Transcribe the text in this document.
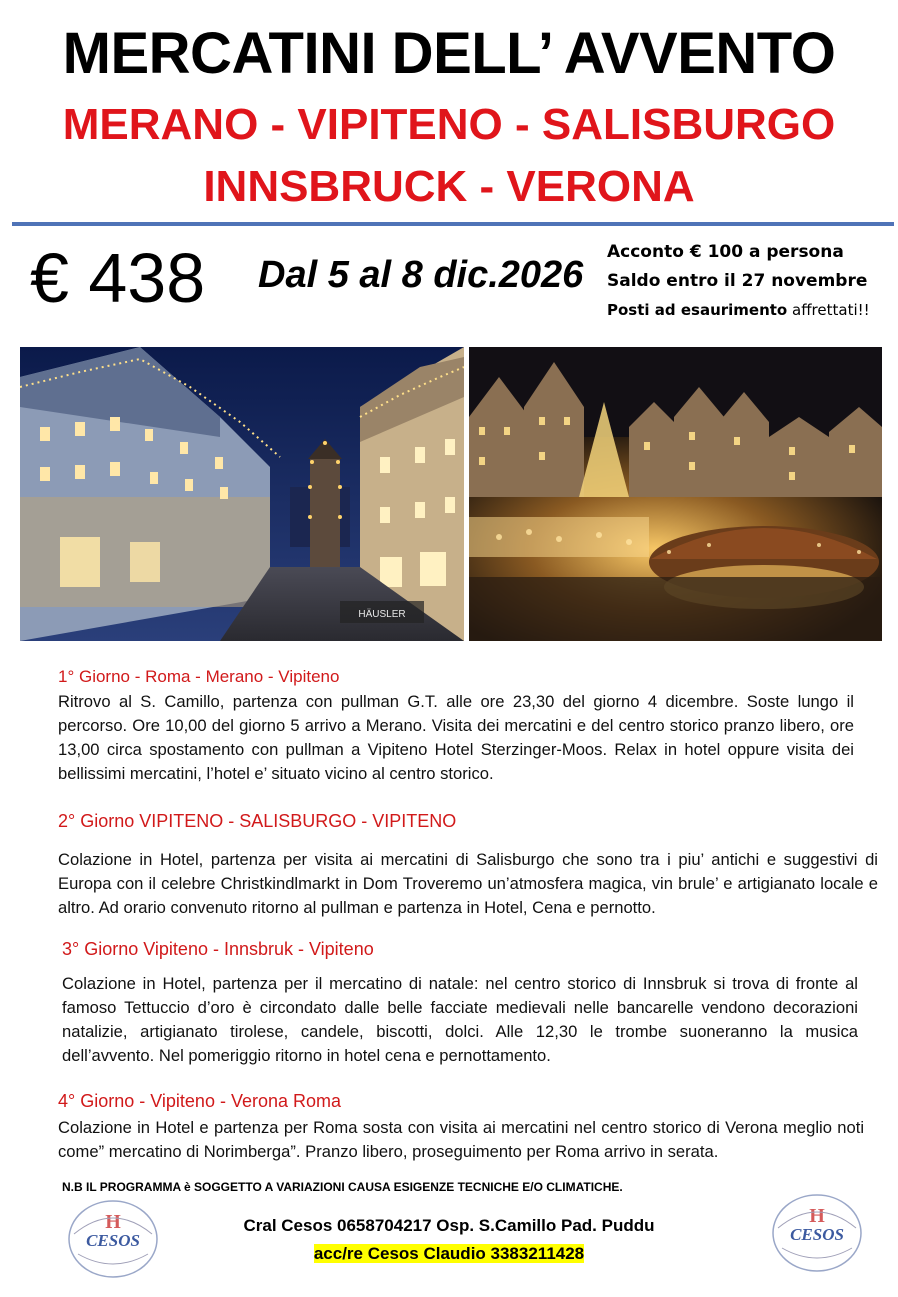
MERCATINI DELL’ AVVENTO
MERANO - VIPITENO - SALISBURGO
INNSBRUCK - VERONA
€ 438 Dal 5 al 8 dic.2026
Acconto € 100 a persona
Saldo entro il 27 novembre
Posti ad esaurimento affrettati!!
HÄUSLER
1° Giorno - Roma - Merano - Vipiteno
Ritrovo al S. Camillo, partenza con pullman G.T. alle ore 23,30 del giorno 4 dicembre. Soste lungo il percorso. Ore 10,00 del giorno 5 arrivo a Merano. Visita dei mercatini e del centro storico pranzo libero, ore 13,00 circa spostamento con pullman a Vipiteno Hotel Sterzinger-Moos. Relax in hotel oppure visita dei bellissimi mercatini, l’hotel e’ situato vicino al centro storico.
2° Giorno VIPITENO - SALISBURGO - VIPITENO
Colazione in Hotel, partenza per visita ai mercatini di Salisburgo che sono tra i piu’ antichi e suggestivi di Europa con il celebre Christkindlmarkt in Dom Troveremo un’atmosfera magica, vin brule’ e artigianato locale e altro. Ad orario convenuto ritorno al pullman e partenza in Hotel, Cena e pernotto.
3° Giorno Vipiteno - Innsbruk - Vipiteno
Colazione in Hotel, partenza per il mercatino di natale: nel centro storico di Innsbruk si trova di fronte al famoso Tettuccio d’oro è circondato dalle belle facciate medievali nelle bancarelle vendono decorazioni natalizie, artigianato tirolese, candele, biscotti, dolci. Alle 12,30 le trombe suoneranno la musica dell’avvento. Nel pomeriggio ritorno in hotel cena e pernottamento.
4° Giorno - Vipiteno - Verona Roma
Colazione in Hotel e partenza per Roma sosta con visita ai mercatini nel centro storico di Verona meglio noti come” mercatino di Norimberga”. Pranzo libero, proseguimento per Roma arrivo in serata.
N.B IL PROGRAMMA è SOGGETTO A VARIAZIONI CAUSA ESIGENZE TECNICHE E/O CLIMATICHE.
H
CESOS
H
CESOS
Cral Cesos 0658704217 Osp. S.Camillo Pad. Puddu
acc/re Cesos Claudio 3383211428
